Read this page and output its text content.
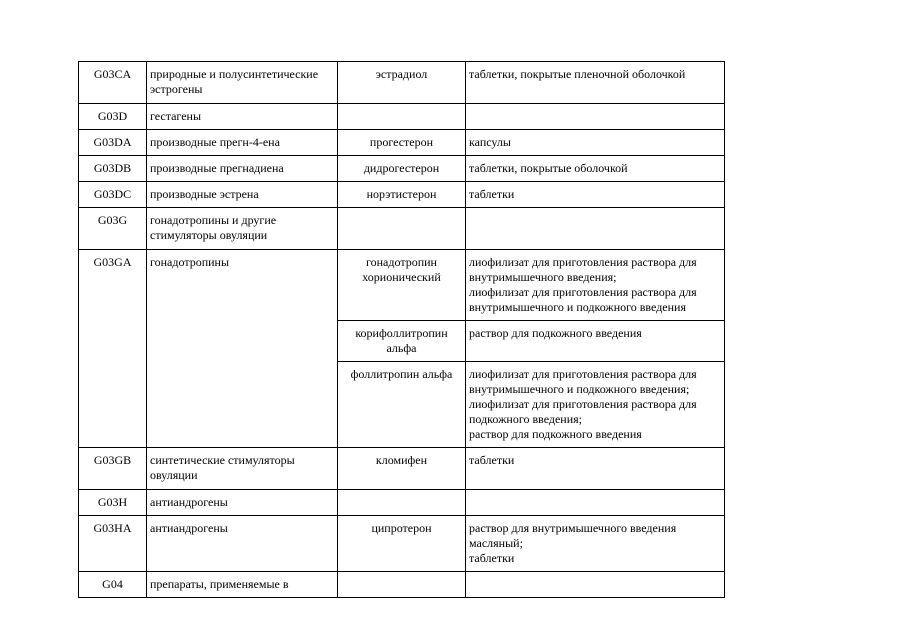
G03CA	природные и полусинтетические эстрогены	эстрадиол	таблетки, покрытые пленочной оболочкой

G03D	гестагены		
G03DA	производные прегн-4-ена	прогестерон	капсулы

G03DB	производные прегнадиена	дидрогестерон	таблетки, покрытые оболочкой

G03DC	производные эстрена	норэтистерон	таблетки

G03G	гонадотропины и другие стимуляторы овуляции		
G03GA	гонадотропины	гонадотропин хорионический	лиофилизат для приготовления раствора для внутримышечного введения;
лиофилизат для приготовления раствора для внутримышечного и подкожного введения

		корифоллитропин альфа	раствор для подкожного введения

		фоллитропин альфа	лиофилизат для приготовления раствора для внутримышечного и подкожного введения;
лиофилизат для приготовления раствора для подкожного введения;
раствор для подкожного введения

G03GB	синтетические стимуляторы овуляции	кломифен	таблетки

G03H	антиандрогены		
G03HA	антиандрогены	ципротерон	раствор для внутримышечного введения масляный;
таблетки

G04	препараты, применяемые в		
